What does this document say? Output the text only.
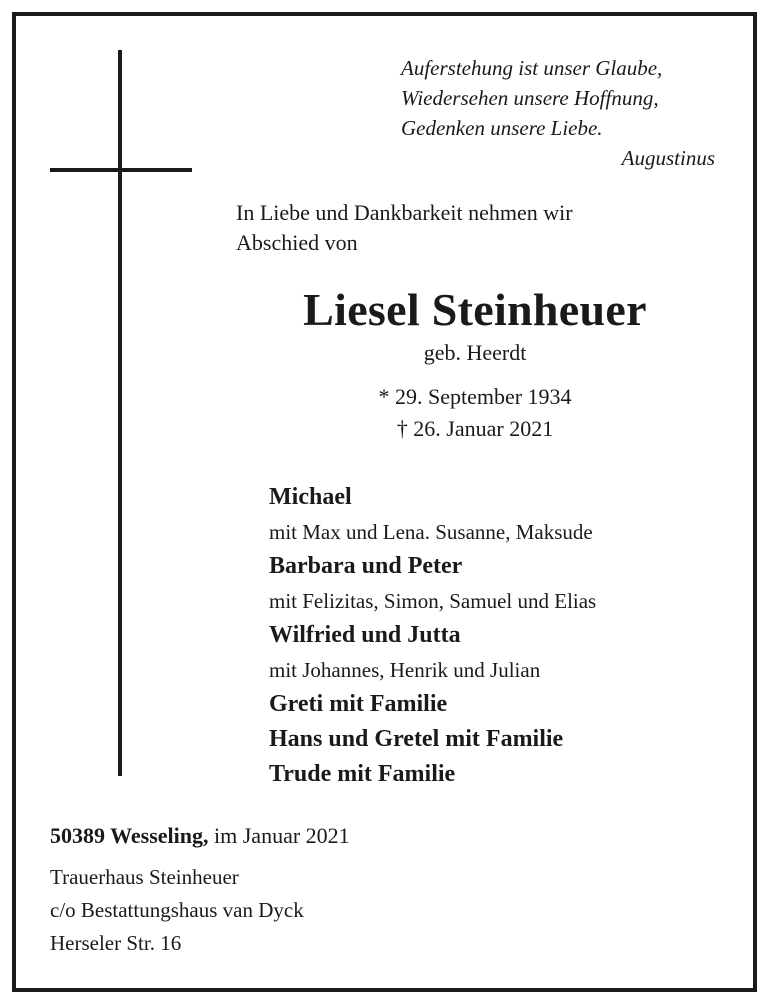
Auferstehung ist unser Glaube,
Wiedersehen unsere Hoffnung,
Gedenken unsere Liebe.
Augustinus
In Liebe und Dankbarkeit nehmen wir
Abschied von
Liesel Steinheuer
geb. Heerdt
* 29. September 1934
† 26. Januar 2021
Michael
mit Max und Lena. Susanne, Maksude
Barbara und Peter
mit Felizitas, Simon, Samuel und Elias
Wilfried und Jutta
mit Johannes, Henrik und Julian
Greti mit Familie
Hans und Gretel mit Familie
Trude mit Familie
50389 Wesseling, im Januar 2021
Trauerhaus Steinheuer
c/o Bestattungshaus van Dyck
Herseler Str. 16
